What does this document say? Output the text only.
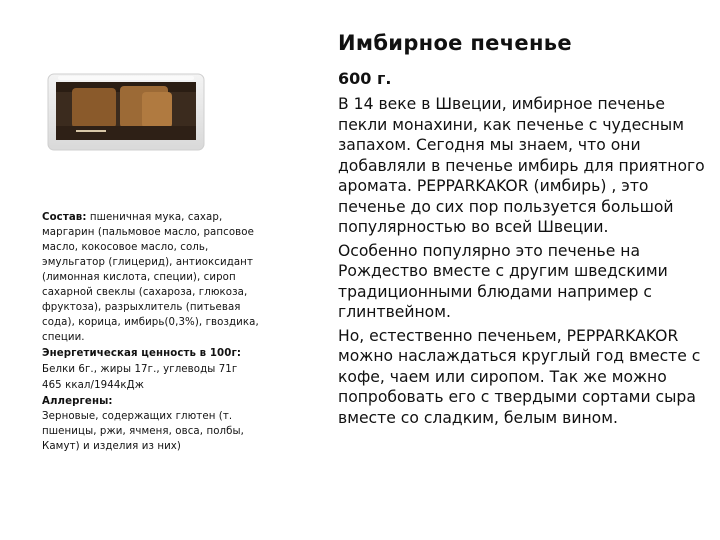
Состав: пшеничная мука, сахар, маргарин (пальмовое масло, рапсовое масло, кокосовое масло, соль, эмульгатор (глицерид), антиоксидант (лимонная кислота, специи), сироп сахарной свеклы (сахароза, глюкоза, фруктоза), разрыхлитель (питьевая сода), корица, имбирь(0,3%), гвоздика, специи.

Энергетическая ценность в 100г:

Белки 6г., жиры 17г., углеводы 71г

465 ккал/1944кДж

Аллергены:

Зерновые, содержащих глютен (т. пшеницы, ржи, ячменя, овса, полбы, Камут) и изделия из них)

Имбирное печенье
600 г.

В 14 веке в Швеции, имбирное печенье пекли монахини, как печенье с чудесным запахом. Сегодня мы знаем, что они добавляли в печенье имбирь для приятного аромата. PEPPARKAKOR (имбирь) , это печенье до сих пор пользуется большой популярностью во всей Швеции.

Особенно популярно это печенье на Рождество вместе с другим шведскими традиционными блюдами например с глинтвейном.

Но, естественно печеньем, PEPPARKAKOR можно наслаждаться круглый год вместе с кофе, чаем или сиропом. Так же можно попробовать его с твердыми сортами сыра вместе со сладким, белым вином.
